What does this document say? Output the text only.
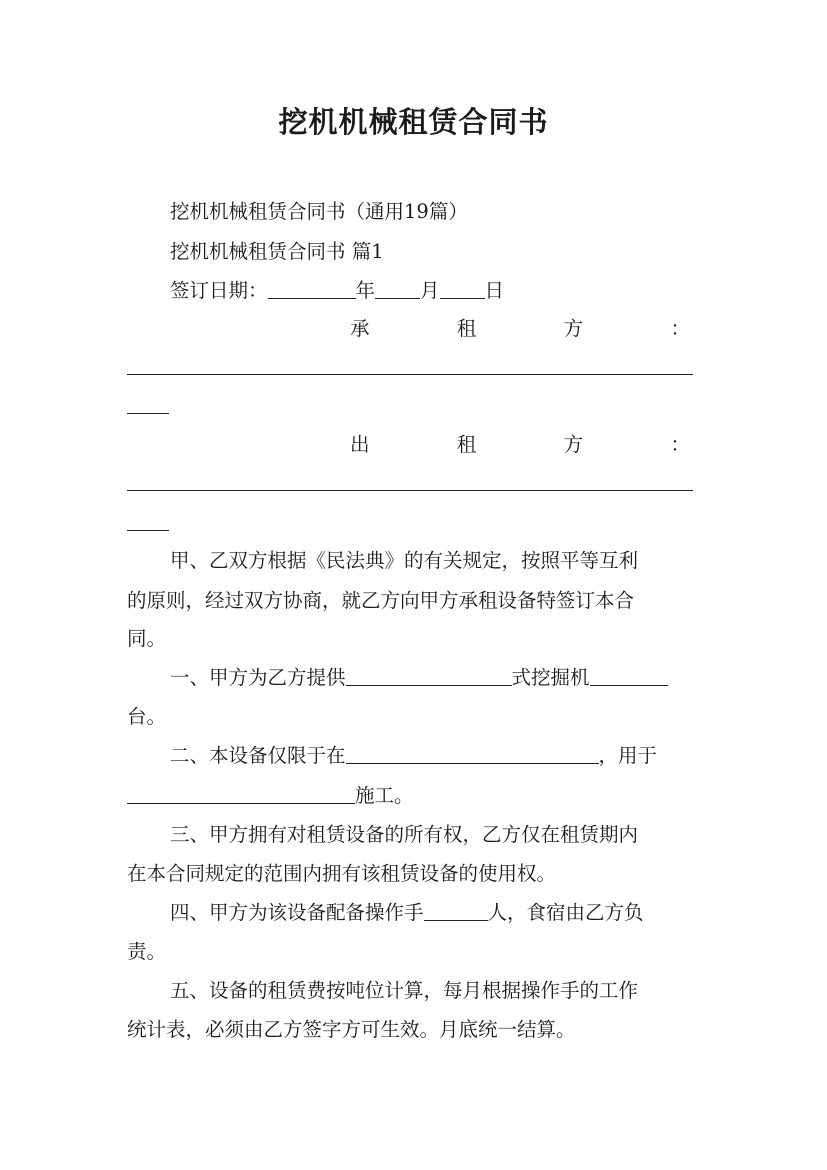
挖机机械租赁合同书
挖机机械租赁合同书（通用19篇）
挖机机械租赁合同书 篇1
签订日期：	年 月 日
承	租	方	：
出	租	方	：
甲、乙双方根据《民法典》的有关规定，按照平等互利
的原则，经过双方协商，就乙方向甲方承租设备特签订本合
同。
一、甲方为乙方提供	式挖掘机
台。
二、本设备仅限于在	，用于
施工。
三、甲方拥有对租赁设备的所有权，乙方仅在租赁期内
在本合同规定的范围内拥有该租赁设备的使用权。
四、甲方为该设备配备操作手	人，食宿由乙方负
责。
五、设备的租赁费按吨位计算，每月根据操作手的工作
统计表，必须由乙方签字方可生效。月底统一结算。
